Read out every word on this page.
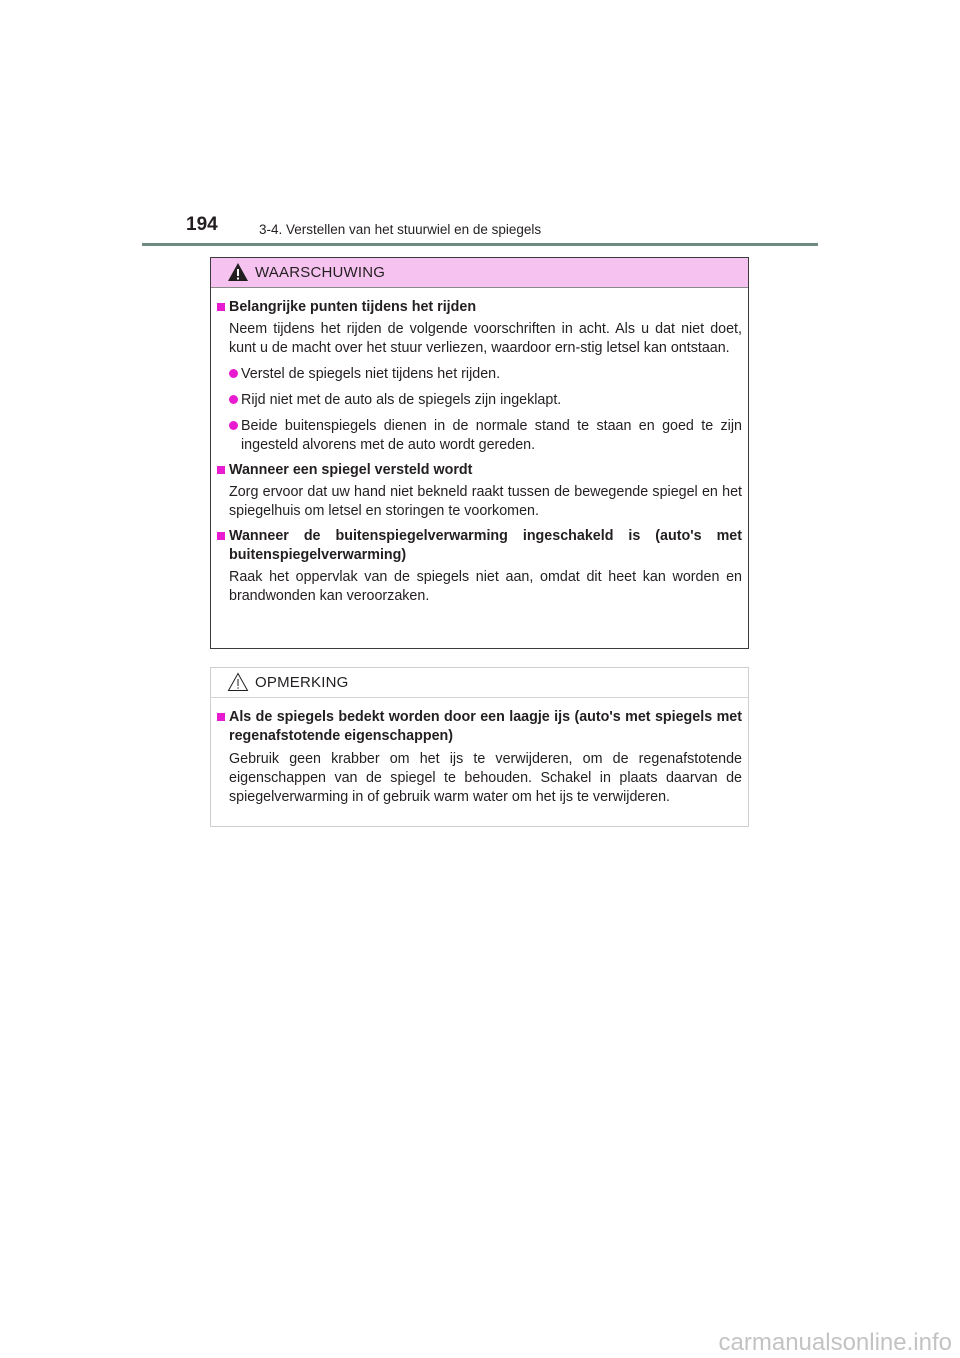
194	3-4. Verstellen van het stuurwiel en de spiegels
WAARSCHUWING
Belangrijke punten tijdens het rijden
Neem tijdens het rijden de volgende voorschriften in acht. Als u dat niet doet, kunt u de macht over het stuur verliezen, waardoor ern-stig letsel kan ontstaan.
Verstel de spiegels niet tijdens het rijden.
Rijd niet met de auto als de spiegels zijn ingeklapt.
Beide buitenspiegels dienen in de normale stand te staan en goed te zijn ingesteld alvorens met de auto wordt gereden.
Wanneer een spiegel versteld wordt
Zorg ervoor dat uw hand niet bekneld raakt tussen de bewegende spiegel en het spiegelhuis om letsel en storingen te voorkomen.
Wanneer de buitenspiegelverwarming ingeschakeld is (auto's met buitenspiegelverwarming)
Raak het oppervlak van de spiegels niet aan, omdat dit heet kan worden en brandwonden kan veroorzaken.
OPMERKING
Als de spiegels bedekt worden door een laagje ijs (auto's met spiegels met regenafstotende eigenschappen)
Gebruik geen krabber om het ijs te verwijderen, om de regenafstotende eigenschappen van de spiegel te behouden. Schakel in plaats daarvan de spiegelverwarming in of gebruik warm water om het ijs te verwijderen.
carmanualsonline.info
